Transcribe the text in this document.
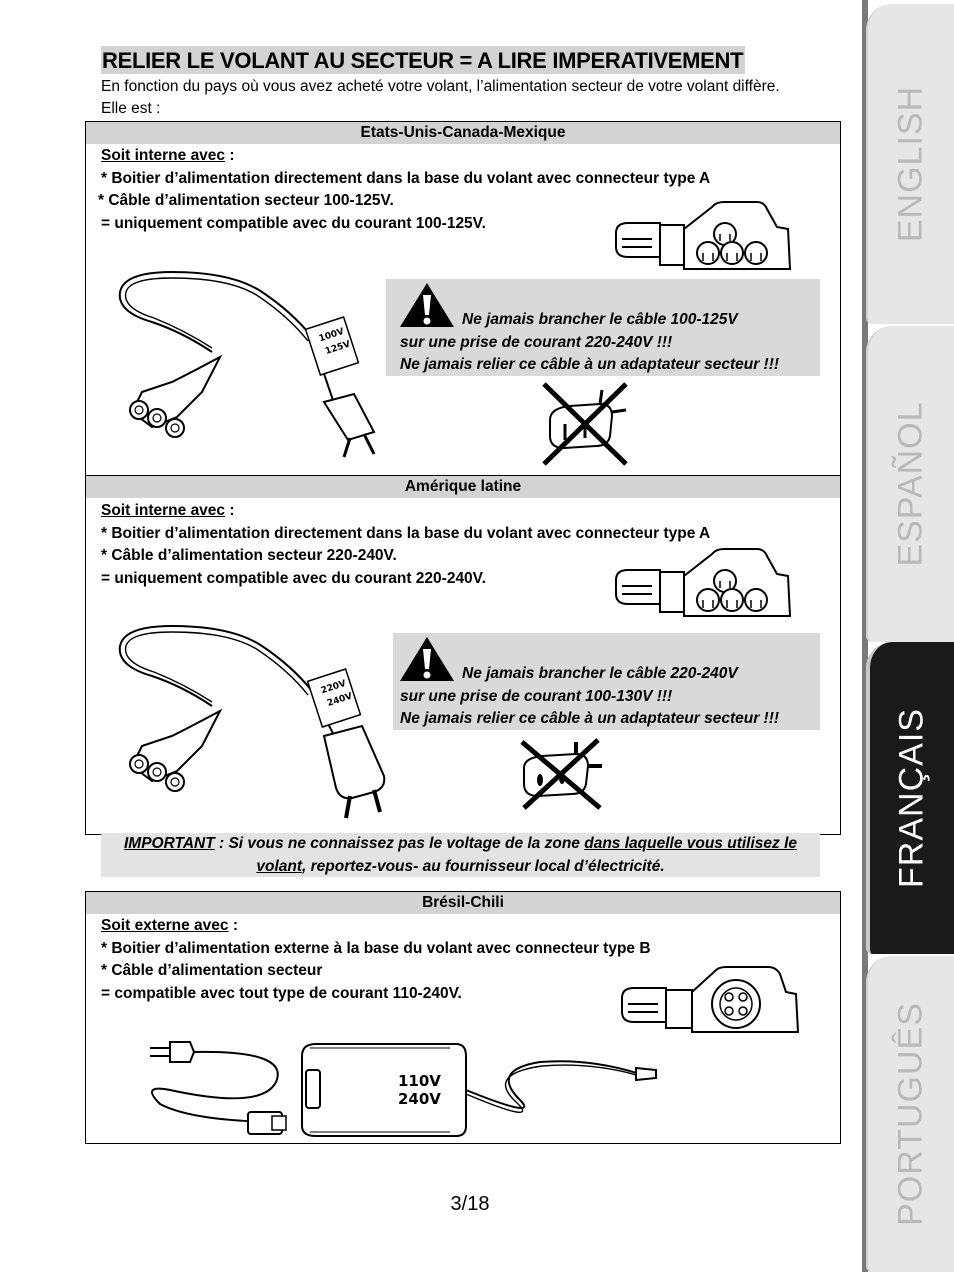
RELIER LE VOLANT AU SECTEUR = A LIRE IMPERATIVEMENT
En fonction du pays où vous avez acheté votre volant, l’alimentation secteur de votre volant diffère.
Elle est :
Etats-Unis-Canada-Mexique
Soit interne avec :
* Boitier d’alimentation directement dans la base du volant avec connecteur type A
* Câble d’alimentation secteur 100-125V.
= uniquement compatible avec du courant 100-125V.
100V
125V
Ne jamais brancher le câble 100-125V
sur une prise de courant 220-240V !!!
Ne jamais relier ce câble à un adaptateur secteur !!!
Amérique latine
Soit interne avec :
* Boitier d’alimentation directement dans la base du volant avec connecteur type A
* Câble d’alimentation secteur 220-240V.
= uniquement compatible avec du courant 220-240V.
220V
240V
Ne jamais brancher le câble 220-240V
sur une prise de courant 100-130V !!!
Ne jamais relier ce câble à un adaptateur secteur !!!
IMPORTANT : Si vous ne connaissez pas le voltage de la zone dans laquelle vous utilisez le
volant, reportez-vous- au fournisseur local d’électricité.
Brésil-Chili
Soit externe avec :
* Boitier d’alimentation externe à la base du volant avec connecteur type B
* Câble d’alimentation secteur
= compatible avec tout type de courant 110-240V.
110V
240V
3/18
ENGLISH
ESPAÑOL
FRANÇAIS
PORTUGUÊS
